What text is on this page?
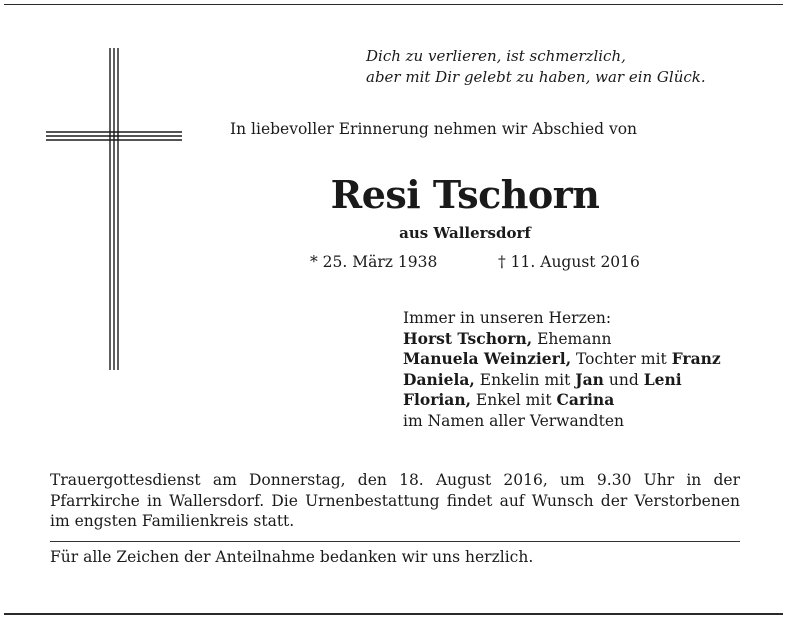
Dich zu verlieren, ist schmerzlich,
aber mit Dir gelebt zu haben, war ein Glück.
In liebevoller Erinnerung nehmen wir Abschied von
Resi Tschorn
aus Wallersdorf
* 25. März 1938	† 11. August 2016
Immer in unseren Herzen:
Horst Tschorn, Ehemann
Manuela Weinzierl, Tochter mit Franz
Daniela, Enkelin mit Jan und Leni
Florian, Enkel mit Carina
im Namen aller Verwandten
Trauergottesdienst am Donnerstag, den 18. August 2016, um 9.30 Uhr in der Pfarrkirche in Wallersdorf. Die Urnenbestattung findet auf Wunsch der Verstorbenen im engsten Familienkreis statt.
Für alle Zeichen der Anteilnahme bedanken wir uns herzlich.
